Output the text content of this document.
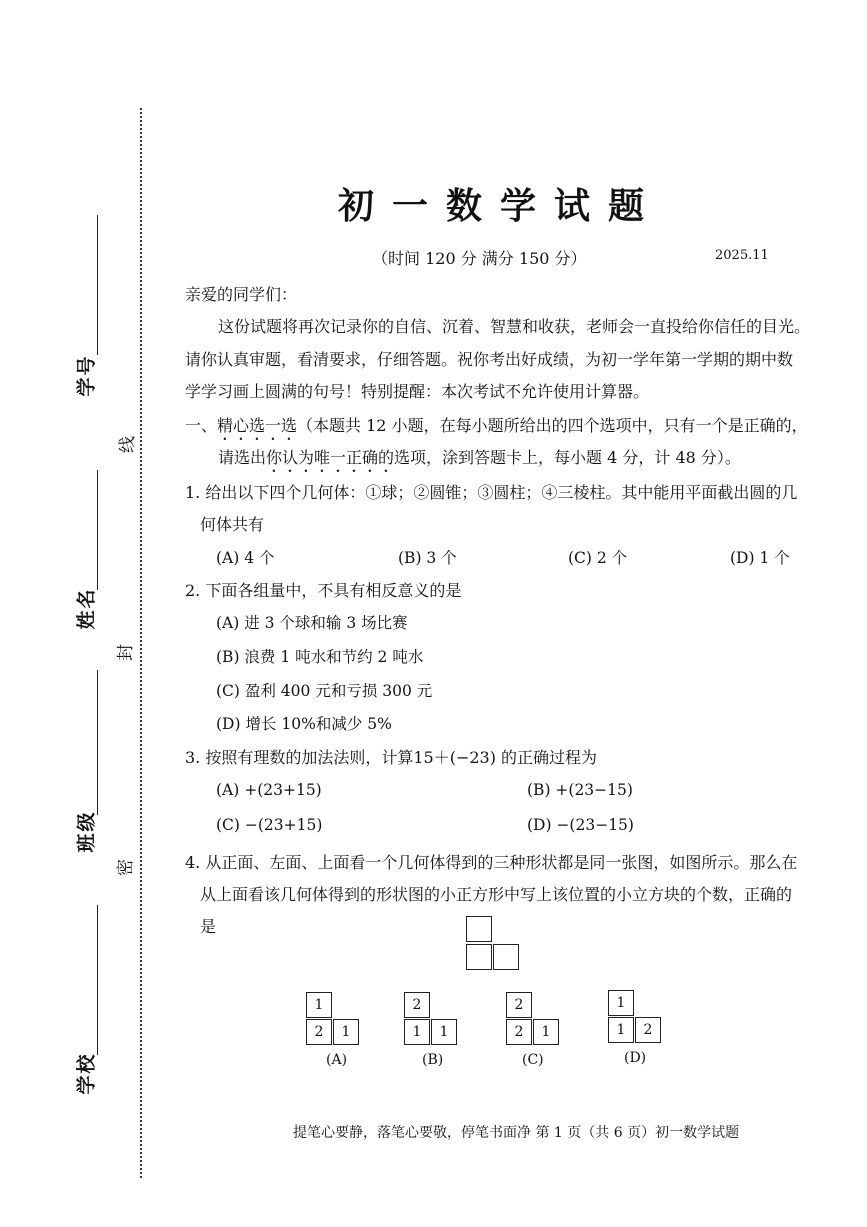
学号
姓名
班级
学校
线
封
密
初一数学试题
（时间 120 分 满分 150 分）	2025.11
亲爱的同学们：
这份试题将再次记录你的自信、沉着、智慧和收获，老师会一直投给你信任的目光。
请你认真审题，看清要求，仔细答题。祝你考出好成绩，为初一学年第一学期的期中数
学学习画上圆满的句号！特别提醒：本次考试不允许使用计算器。
一、精心选一选（本题共 12 小题，在每小题所给出的四个选项中，只有一个是正确的，
请选出你认为唯一正确的选项，涂到答题卡上，每小题 4 分，计 48 分）。
1. 给出以下四个几何体：①球；②圆锥；③圆柱；④三棱柱。其中能用平面截出圆的几
何体共有
(A) 4 个	(B) 3 个	(C) 2 个	(D) 1 个
2. 下面各组量中，不具有相反意义的是
(A) 进 3 个球和输 3 场比赛
(B) 浪费 1 吨水和节约 2 吨水
(C) 盈利 400 元和亏损 300 元
(D) 增长 10%和减少 5%
3. 按照有理数的加法法则，计算15＋(−23) 的正确过程为
(A) +(23+15)	(B) +(23−15)
(C) −(23+15)	(D) −(23−15)
4. 从正面、左面、上面看一个几何体得到的三种形状都是同一张图，如图所示。那么在
从上面看该几何体得到的形状图的小正方形中写上该位置的小立方块的个数，正确的
是
1
2	1
(A)
2
1	1
(B)
2
2	1
(C)
1
1	2
(D)
提笔心要静，落笔心要敬，停笔书面净 第 1 页（共 6 页）初一数学试题
